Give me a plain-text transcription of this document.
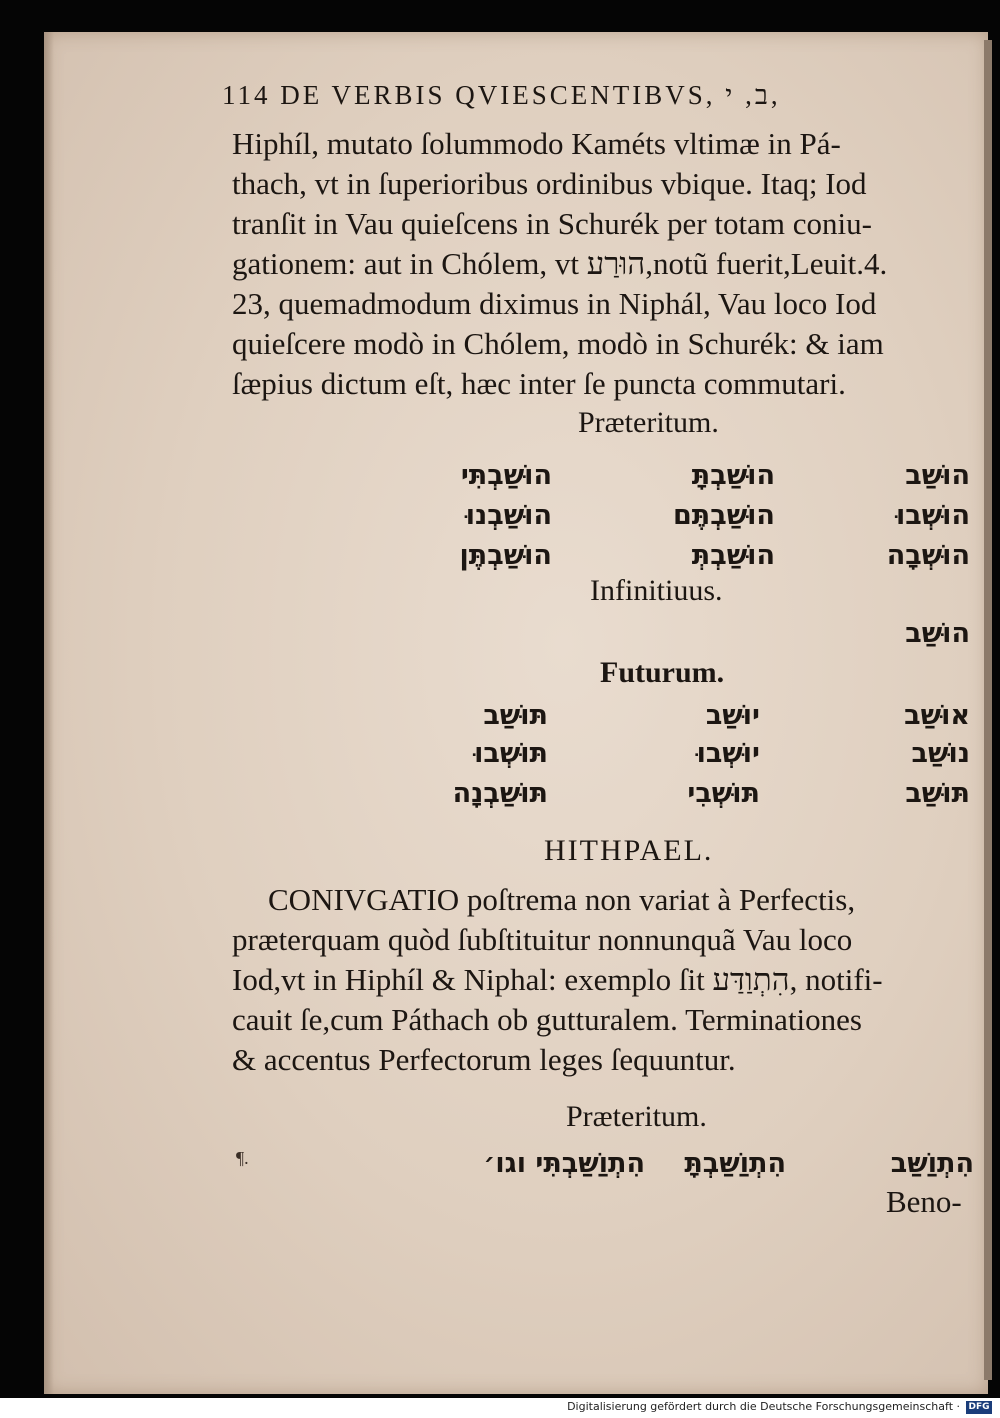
114 DE VERBIS QVIESCENTIBVS, ב, י,

Hiphíl, mutato ſolummodo Kaméts vltimæ in Pá-

thach, vt in ſuperioribus ordinibus vbique. Itaq; Iod

tranſit in Vau quieſcens in Schurék per totam coniu-

gationem: aut in Chólem, vt הוּרַע,notũ fuerit,Leuit.4.

23, quemadmodum diximus in Niphál, Vau loco Iod

quieſcere modò in Chólem, modò in Schurék: & iam

ſæpius dictum eſt, hæc inter ſe puncta commutari.

Præteritum.

הוּשַׁב
הוּשַׁבְתָּ
הוּשַׁבְתִּי
הוּשְׁבוּ
הוּשַׁבְתֶּם
הוּשַׁבְנוּ
הוּשְׁבָה
הוּשַׁבְתְּ
הוּשַׁבְתֶּן

Infinitiuus.

הוּשַׁב

Futurum.

אוּשַׁב
יוּשַׁב
תּוּשַׁב
נוּשַׁב
יוּשְׁבוּ
תּוּשְׁבוּ
תּוּשַׁב
תּוּשְׁבִי
תּוּשַׁבְנָה

HITHPAEL.

CONIVGATIO poſtrema non variat à Perfectis,

præterquam quòd ſubſtituitur nonnunquã Vau loco

Iod,vt in Hiphíl & Niphal: exemplo ſit הִתְוַדַּע, notifi-

cauit ſe,cum Páthach ob gutturalem. Terminationes

& accentus Perfectorum leges ſequuntur.

Præteritum.

הִתְוַשַּׁב
הִתְוַשַּׁבְתָּ
הִתְוַשַּׁבְתִּי וגו׳
¶.

Beno-

Digitalisierung gefördert durch die Deutsche Forschungsgemeinschaft · DFG
